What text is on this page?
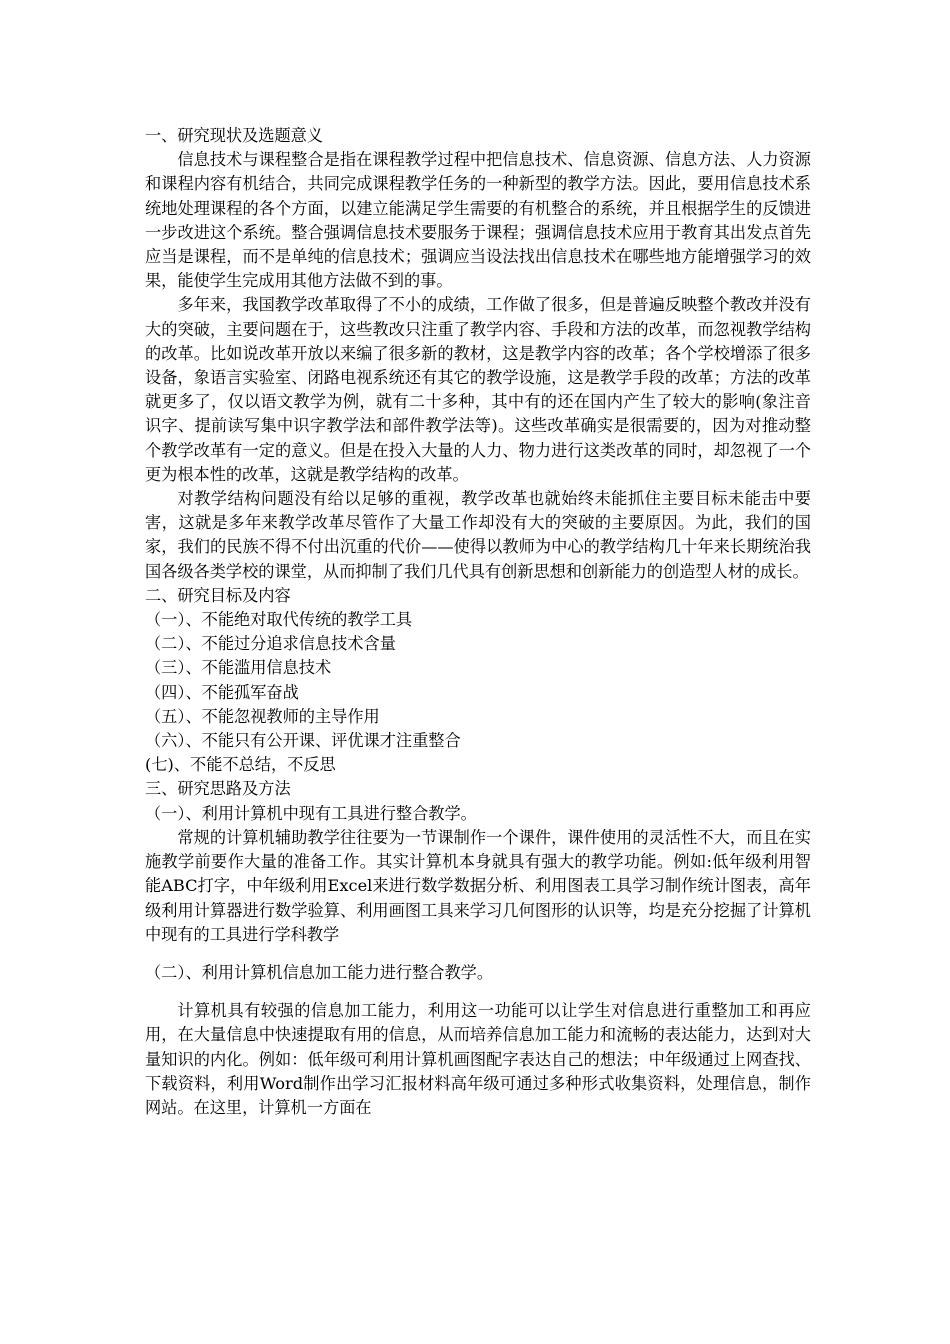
一、研究现状及选题意义

信息技术与课程整合是指在课程教学过程中把信息技术、信息资源、信息方法、人力资源和课程内容有机结合，共同完成课程教学任务的一种新型的教学方法。因此，要用信息技术系统地处理课程的各个方面，以建立能满足学生需要的有机整合的系统，并且根据学生的反馈进一步改进这个系统。整合强调信息技术要服务于课程；强调信息技术应用于教育其出发点首先应当是课程，而不是单纯的信息技术；强调应当设法找出信息技术在哪些地方能增强学习的效果，能使学生完成用其他方法做不到的事。

多年来，我国教学改革取得了不小的成绩，工作做了很多，但是普遍反映整个教改并没有大的突破，主要问题在于，这些教改只注重了教学内容、手段和方法的改革，而忽视教学结构的改革。比如说改革开放以来编了很多新的教材，这是教学内容的改革；各个学校增添了很多设备，象语言实验室、闭路电视系统还有其它的教学设施，这是教学手段的改革；方法的改革就更多了，仅以语文教学为例，就有二十多种，其中有的还在国内产生了较大的影响(象注音识字、提前读写集中识字教学法和部件教学法等)。这些改革确实是很需要的，因为对推动整个教学改革有一定的意义。但是在投入大量的人力、物力进行这类改革的同时，却忽视了一个更为根本性的改革，这就是教学结构的改革。

对教学结构问题没有给以足够的重视，教学改革也就始终未能抓住主要目标未能击中要害，这就是多年来教学改革尽管作了大量工作却没有大的突破的主要原因。为此，我们的国家，我们的民族不得不付出沉重的代价——使得以教师为中心的教学结构几十年来长期统治我国各级各类学校的课堂，从而抑制了我们几代具有创新思想和创新能力的创造型人材的成长。

二、研究目标及内容

（一）、不能绝对取代传统的教学工具

（二）、不能过分追求信息技术含量

（三）、不能滥用信息技术

（四）、不能孤军奋战

（五）、不能忽视教师的主导作用

（六）、不能只有公开课、评优课才注重整合

(七)、不能不总结，不反思

三、研究思路及方法

（一）、利用计算机中现有工具进行整合教学。

常规的计算机辅助教学往往要为一节课制作一个课件，课件使用的灵活性不大，而且在实施教学前要作大量的准备工作。其实计算机本身就具有强大的教学功能。例如:低年级利用智能ABC打字，中年级利用Excel来进行数学数据分析、利用图表工具学习制作统计图表，高年级利用计算器进行数学验算、利用画图工具来学习几何图形的认识等，均是充分挖掘了计算机中现有的工具进行学科教学

（二）、利用计算机信息加工能力进行整合教学。

计算机具有较强的信息加工能力，利用这一功能可以让学生对信息进行重整加工和再应用，在大量信息中快速提取有用的信息，从而培养信息加工能力和流畅的表达能力，达到对大量知识的内化。例如：低年级可利用计算机画图配字表达自己的想法；中年级通过上网查找、下载资料，利用Word制作出学习汇报材料高年级可通过多种形式收集资料，处理信息，制作网站。在这里，计算机一方面在
